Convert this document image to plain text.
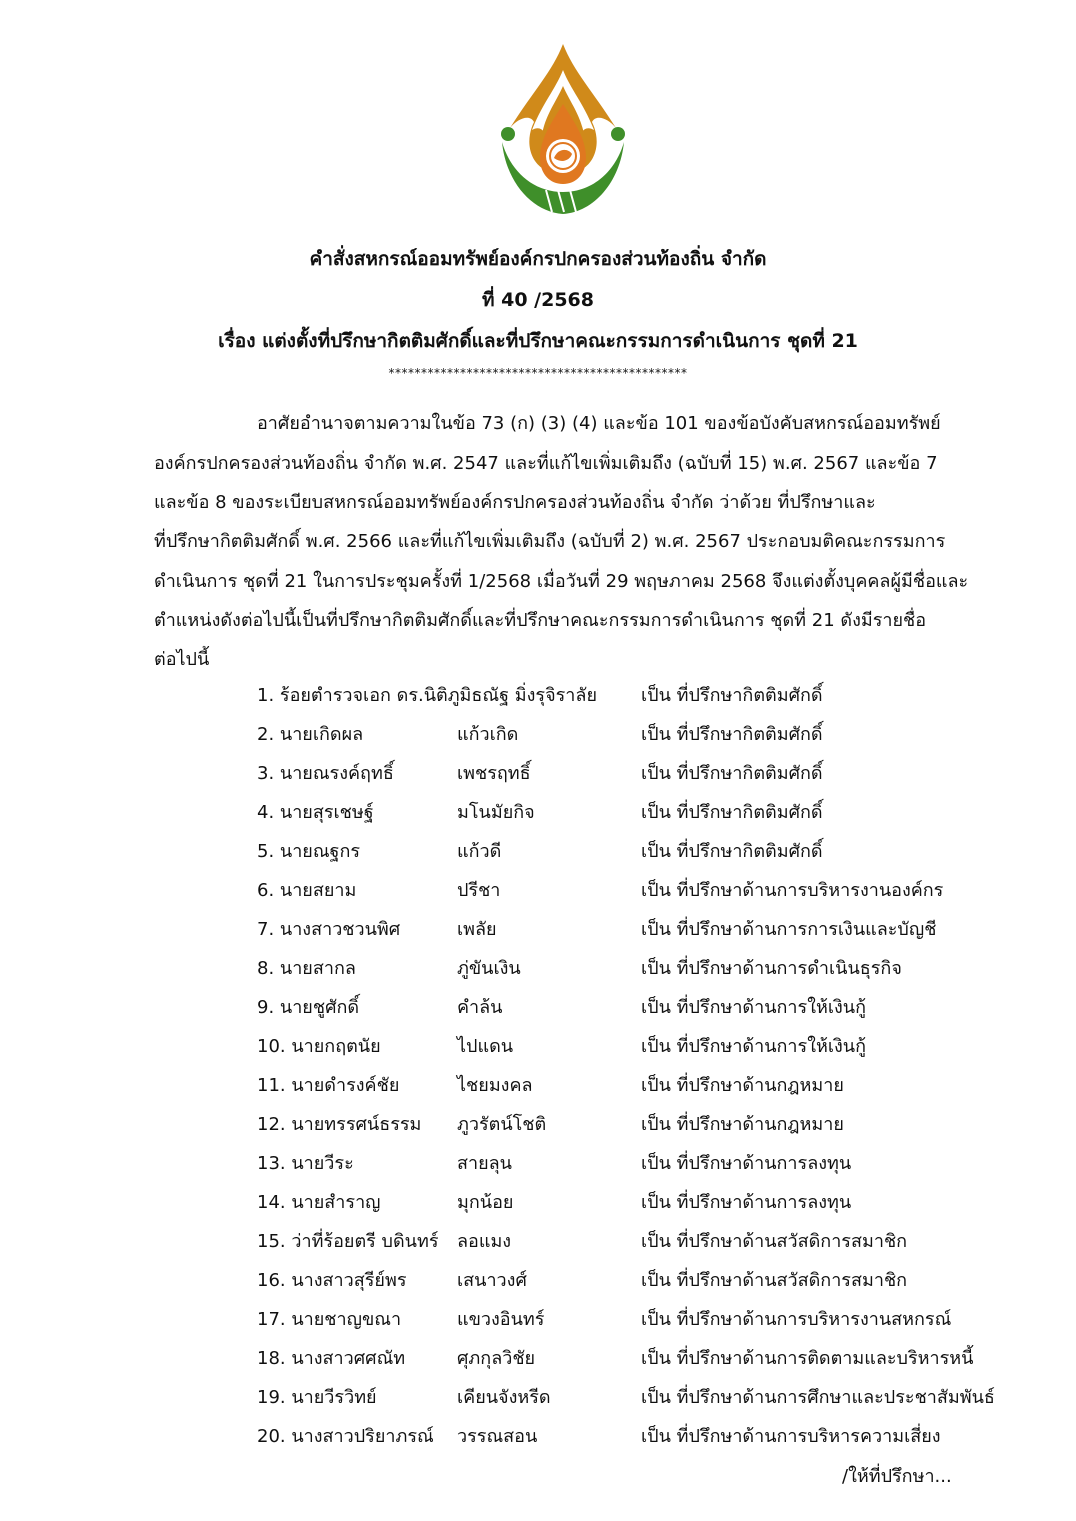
คำสั่งสหกรณ์ออมทรัพย์องค์กรปกครองส่วนท้องถิ่น จำกัด
ที่ 40 /2568
เรื่อง แต่งตั้งที่ปรึกษากิตติมศักดิ์และที่ปรึกษาคณะกรรมการดำเนินการ ชุดที่ 21
**********************************************
อาศัยอำนาจตามความในข้อ 73 (ก) (3) (4) และข้อ 101 ของข้อบังคับสหกรณ์ออมทรัพย์
องค์กรปกครองส่วนท้องถิ่น จำกัด พ.ศ. 2547 และที่แก้ไขเพิ่มเติมถึง (ฉบับที่ 15) พ.ศ. 2567 และข้อ 7
และข้อ 8 ของระเบียบสหกรณ์ออมทรัพย์องค์กรปกครองส่วนท้องถิ่น จำกัด ว่าด้วย ที่ปรึกษาและ
ที่ปรึกษากิตติมศักดิ์ พ.ศ. 2566 และที่แก้ไขเพิ่มเติมถึง (ฉบับที่ 2) พ.ศ. 2567 ประกอบมติคณะกรรมการ
ดำเนินการ ชุดที่ 21 ในการประชุมครั้งที่ 1/2568 เมื่อวันที่ 29 พฤษภาคม 2568 จึงแต่งตั้งบุคคลผู้มีชื่อและ
ตำแหน่งดังต่อไปนี้เป็นที่ปรึกษากิตติมศักดิ์และที่ปรึกษาคณะกรรมการดำเนินการ ชุดที่ 21 ดังมีรายชื่อ
ต่อไปนี้
1. ร้อยตำรวจเอก ดร.นิติภูมิธณัฐ มิ่งรุจิราลัย เป็น ที่ปรึกษากิตติมศักดิ์
2. นายเกิดผล	แก้วเกิด	เป็น ที่ปรึกษากิตติมศักดิ์
3. นายณรงค์ฤทธิ์	เพชรฤทธิ์	เป็น ที่ปรึกษากิตติมศักดิ์
4. นายสุรเชษฐ์	มโนมัยกิจ	เป็น ที่ปรึกษากิตติมศักดิ์
5. นายณฐกร	แก้วดี	เป็น ที่ปรึกษากิตติมศักดิ์
6. นายสยาม	ปรีชา	เป็น ที่ปรึกษาด้านการบริหารงานองค์กร
7. นางสาวชวนพิศ	เพลัย	เป็น ที่ปรึกษาด้านการการเงินและบัญชี
8. นายสากล	ภู่ขันเงิน	เป็น ที่ปรึกษาด้านการดำเนินธุรกิจ
9. นายชูศักดิ์	คำล้น	เป็น ที่ปรึกษาด้านการให้เงินกู้
10. นายกฤตนัย	ไปแดน	เป็น ที่ปรึกษาด้านการให้เงินกู้
11. นายดำรงค์ชัย	ไชยมงคล	เป็น ที่ปรึกษาด้านกฎหมาย
12. นายทรรศน์ธรรม ภูวรัตน์โชติ	เป็น ที่ปรึกษาด้านกฎหมาย
13. นายวีระ	สายลุน	เป็น ที่ปรึกษาด้านการลงทุน
14. นายสำราญ	มุกน้อย	เป็น ที่ปรึกษาด้านการลงทุน
15. ว่าที่ร้อยตรี บดินทร์ ลอแมง	เป็น ที่ปรึกษาด้านสวัสดิการสมาชิก
16. นางสาวสุรีย์พร	เสนาวงศ์	เป็น ที่ปรึกษาด้านสวัสดิการสมาชิก
17. นายชาญขณา	แขวงอินทร์	เป็น ที่ปรึกษาด้านการบริหารงานสหกรณ์
18. นางสาวศศณัท	ศุภกุลวิชัย	เป็น ที่ปรึกษาด้านการติดตามและบริหารหนี้
19. นายวีรวิทย์	เคียนจังหรีด	เป็น ที่ปรึกษาด้านการศึกษาและประชาสัมพันธ์
20. นางสาวปริยาภรณ์ วรรณสอน	เป็น ที่ปรึกษาด้านการบริหารความเสี่ยง
/ให้ที่ปรึกษา...
